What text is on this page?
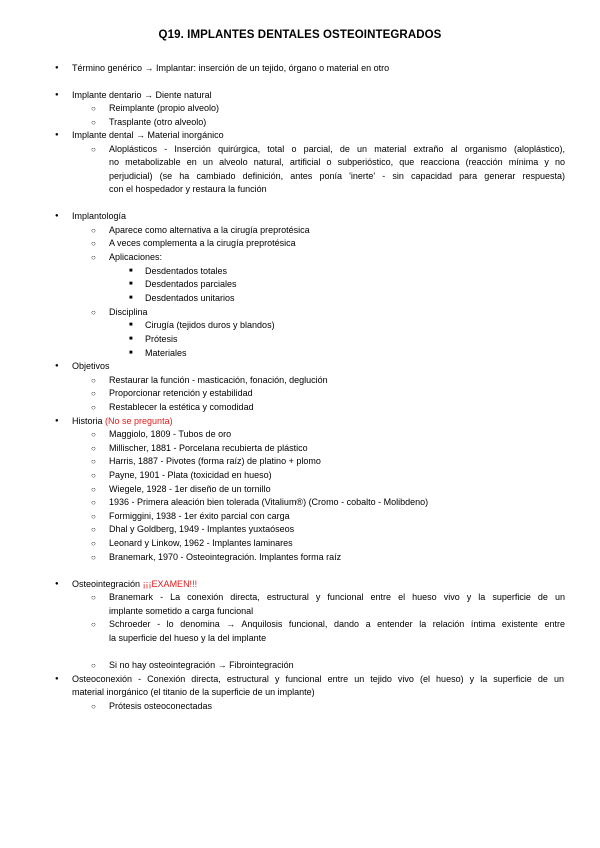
Q19. IMPLANTES DENTALES OSTEOINTEGRADOS
● Término genérico → Implantar: inserción de un tejido, órgano o material en otro
● Implante dentario → Diente natural
○ Reimplante (propio alveolo)
○ Trasplante (otro alveolo)
● Implante dental → Material inorgánico
○ Aloplásticos - Inserción quirúrgica, total o parcial, de un material extraño al organismo (aloplástico),
no metabolizable en un alveolo natural, artificial o subperióstico, que reacciona (reacción mínima y no
perjudicial) (se ha cambiado definición, antes ponía 'inerte' - sin capacidad para generar respuesta)
con el hospedador y restaura la función
● Implantología
○ Aparece como alternativa a la cirugía preprotésica
○ A veces complementa a la cirugía preprotésica
○ Aplicaciones:
■ Desdentados totales
■ Desdentados parciales
■ Desdentados unitarios
○ Disciplina
■ Cirugía (tejidos duros y blandos)
■ Prótesis
■ Materiales
● Objetivos
○ Restaurar la función - masticación, fonación, deglución
○ Proporcionar retención y estabilidad
○ Restablecer la estética y comodidad
● Historia (No se pregunta)
○ Maggiolo, 1809 - Tubos de oro
○ Millischer, 1881 - Porcelana recubierta de plástico
○ Harris, 1887 - Pivotes (forma raíz) de platino + plomo
○ Payne, 1901 - Plata (toxicidad en hueso)
○ Wiegele, 1928 - 1er diseño de un tornillo
○ 1936 - Primera aleación bien tolerada (Vitalium®) (Cromo - cobalto - Molibdeno)
○ Formiggini, 1938 - 1er éxito parcial con carga
○ Dhal y Goldberg, 1949 - Implantes yuxtaóseos
○ Leonard y Linkow, 1962 - Implantes laminares
○ Branemark, 1970 - Osteointegración. Implantes forma raíz
● Osteointegración ¡¡¡EXAMEN!!!
○ Branemark - La conexión directa, estructural y funcional entre el hueso vivo y la superficie de un
implante sometido a carga funcional
○ Schroeder - lo denomina → Anquilosis funcional, dando a entender la relación íntima existente entre
la superficie del hueso y la del implante
○ Si no hay osteointegración → Fibrointegración
● Osteoconexión - Conexión directa, estructural y funcional entre un tejido vivo (el hueso) y la superficie de un
material inorgánico (el titanio de la superficie de un implante)
○ Prótesis osteoconectadas
